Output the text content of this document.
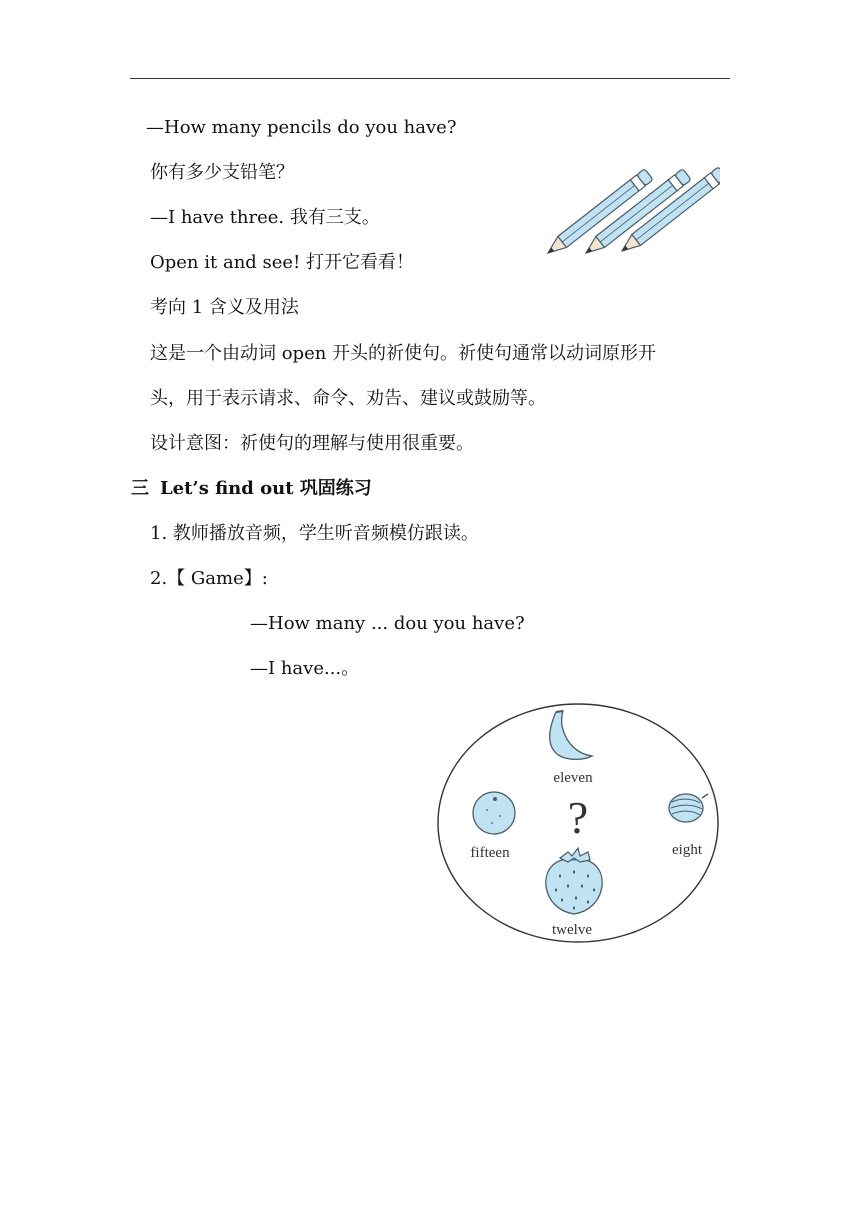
—How many pencils do you have?
你有多少支铅笔？
—I have three. 我有三支。
Open it and see! 打开它看看！
考向 1 含义及用法
这是一个由动词 open 开头的祈使句。祈使句通常以动词原形开
头，用于表示请求、命令、劝告、建议或鼓励等。
设计意图：祈使句的理解与使用很重要。
三 Let’s find out 巩固练习
1. 教师播放音频，学生听音频模仿跟读。
2.【 Game】:
—How many ... dou you have?
—I have...。
eleven
?
fifteen	eight
twelve
